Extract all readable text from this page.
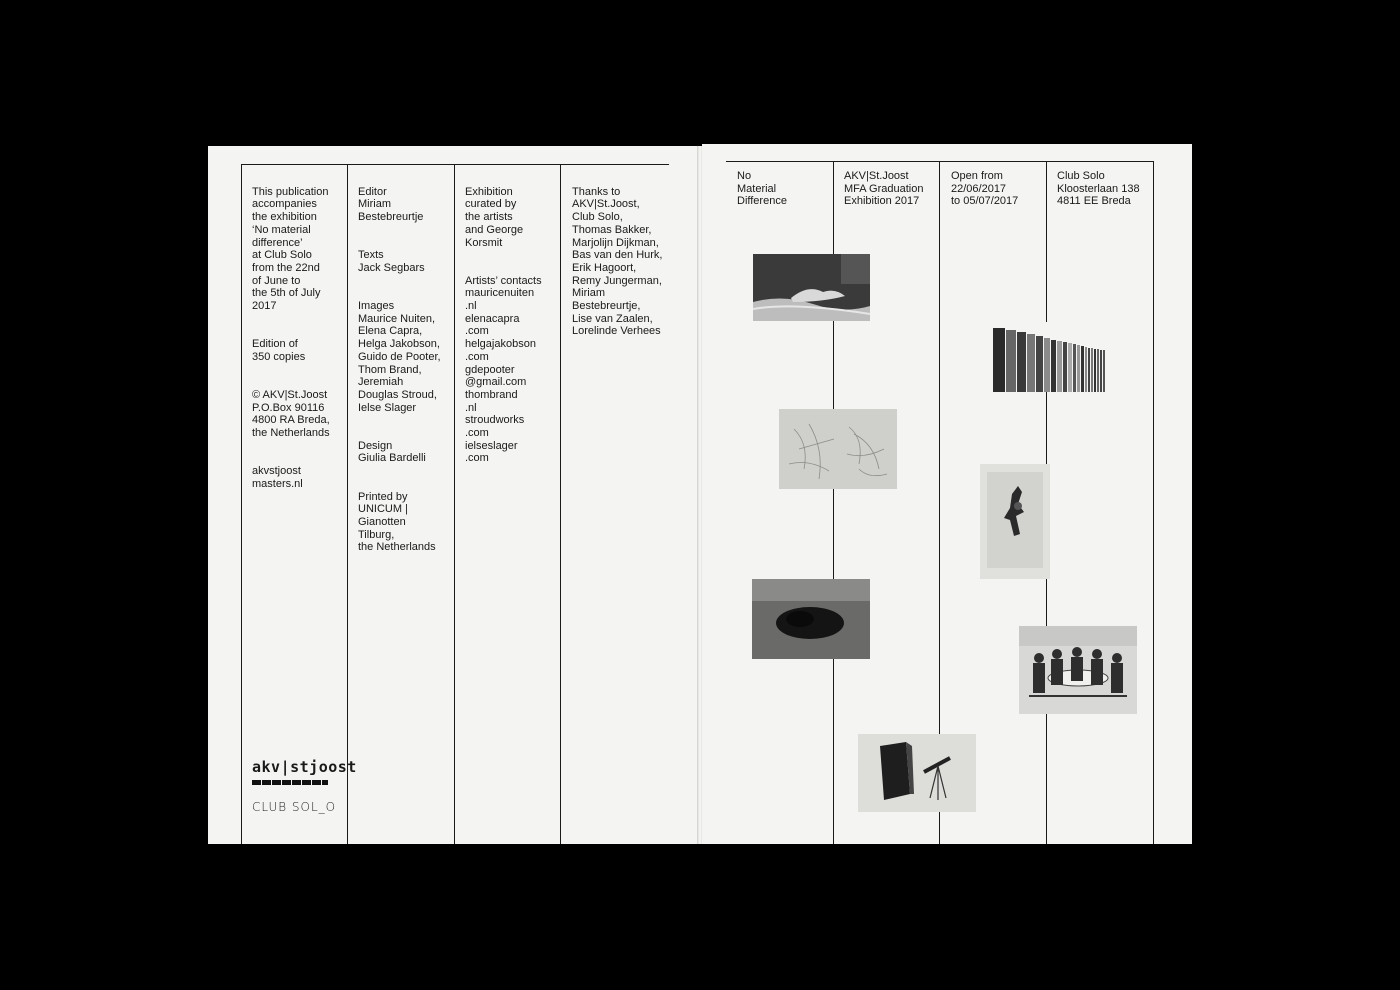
This publication
accompanies
the exhibition
‘No material
difference’
at Club Solo
from the 22nd
of June to
the 5th of July
2017

Edition of
350 copies

© AKV|St.Joost
P.O.Box 90116
4800 RA Breda,
the Netherlands

akvstjoost
masters.nl

Editor
Miriam
Bestebreurtje

Texts
Jack Segbars

Images
Maurice Nuiten,
Elena Capra,
Helga Jakobson,
Guido de Pooter,
Thom Brand,
Jeremiah
Douglas Stroud,
Ielse Slager

Design
Giulia Bardelli

Printed by
UNICUM |
Gianotten
Tilburg,
the Netherlands

Exhibition
curated by
the artists
and George
Korsmit

Artists’ contacts
mauricenuiten
.nl
elenacapra
.com
helgajakobson
.com
gdepooter
@gmail.com
thombrand
.nl
stroudworks
.com
ielseslager
.com

Thanks to
AKV|St.Joost,
Club Solo,
Thomas Bakker,
Marjolijn Dijkman,
Bas van den Hurk,
Erik Hagoort,
Remy Jungerman,
Miriam
Bestebreurtje,
Lise van Zaalen,
Lorelinde Verhees

akv|stjoost
CLUB SOL_O
No
Material
Difference
AKV|St.Joost
MFA Graduation
Exhibition 2017
Open from
22/06/2017
to 05/07/2017
Club Solo
Kloosterlaan 138
4811 EE Breda
